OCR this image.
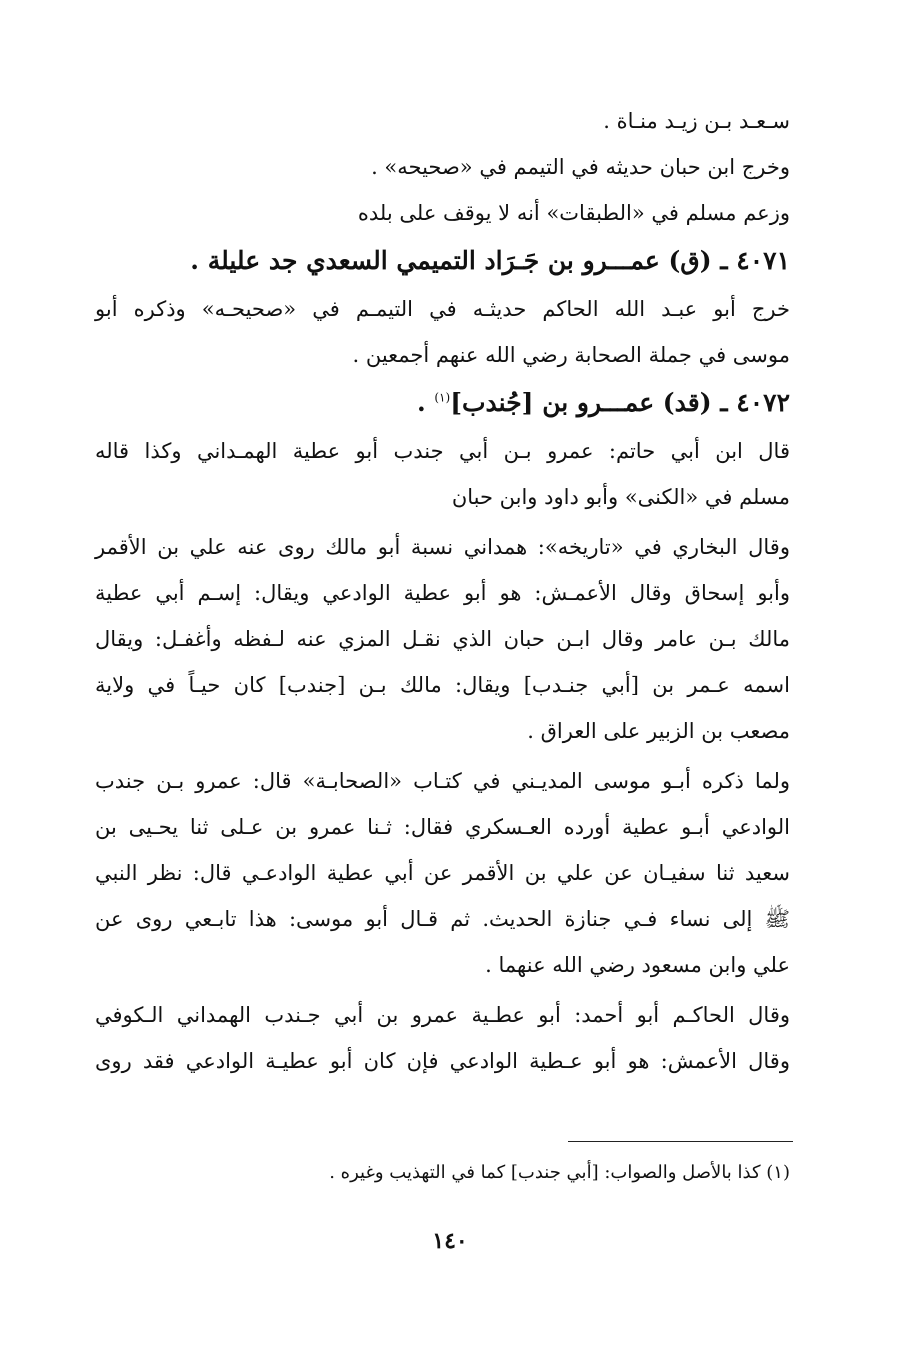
سـعـد بـن زيـد منـاة .
وخرج ابن حبان حديثه في التيمم في «صحيحه» .
وزعم مسلم في «الطبقات» أنه لا يوقف على بلده
٤٠٧١ ـ (ق) عمـــرو بن جَـرَاد التميمي السعدي جد عليلة .
خرج أبو عبـد الله الحاكم حديثـه في التيمـم في «صحيحـه» وذكره أبو
موسى في جملة الصحابة رضي الله عنهم أجمعين .
٤٠٧٢ ـ (قد) عمـــرو بن [جُندب]$^{(١)}$ .
قال ابن أبي حاتم: عمرو بـن أبي جندب أبو عطية الهمـداني وكذا قاله
مسلم في «الكنى» وأبو داود وابن حبان
وقال البخاري في «تاريخه»: همداني نسبة أبو مالك روى عنه علي بن الأقمر
وأبو إسحاق وقال الأعمـش: هو أبو عطية الوادعي ويقال: إسـم أبي عطية
مالك بـن عامر وقال ابـن حبان الذي نقـل المزي عنه لـفظه وأغفـل: ويقال
اسمه عـمر بن [أبي جنـدب] ويقال: مالك بـن [جندب] كان حيـاً في ولاية
مصعب بن الزبير على العراق .
ولما ذكره أبـو موسى المديـني في كتـاب «الصحابـة» قال: عمرو بـن جندب
الوادعي أبـو عطية أورده العـسكري فقال: ثـنا عمرو بن عـلى ثنا يحـيى بن
سعيد ثنا سفيـان عن علي بن الأقمر عن أبي عطية الوادعـي قال: نظر النبي
ﷺ إلى نساء فـي جنازة الحديث. ثم قـال أبو موسى: هذا تابـعي روى عن
علي وابن مسعود رضي الله عنهما .
وقال الحاكـم أبو أحمد: أبو عطـية عمرو بن أبي جـندب الهمداني الـكوفي
وقال الأعمش: هو أبو عـطية الوادعي فإن كان أبو عطيـة الوادعي فقد روى
(١) كذا بالأصل والصواب: [أبي جندب] كما في التهذيب وغيره .
١٤٠
